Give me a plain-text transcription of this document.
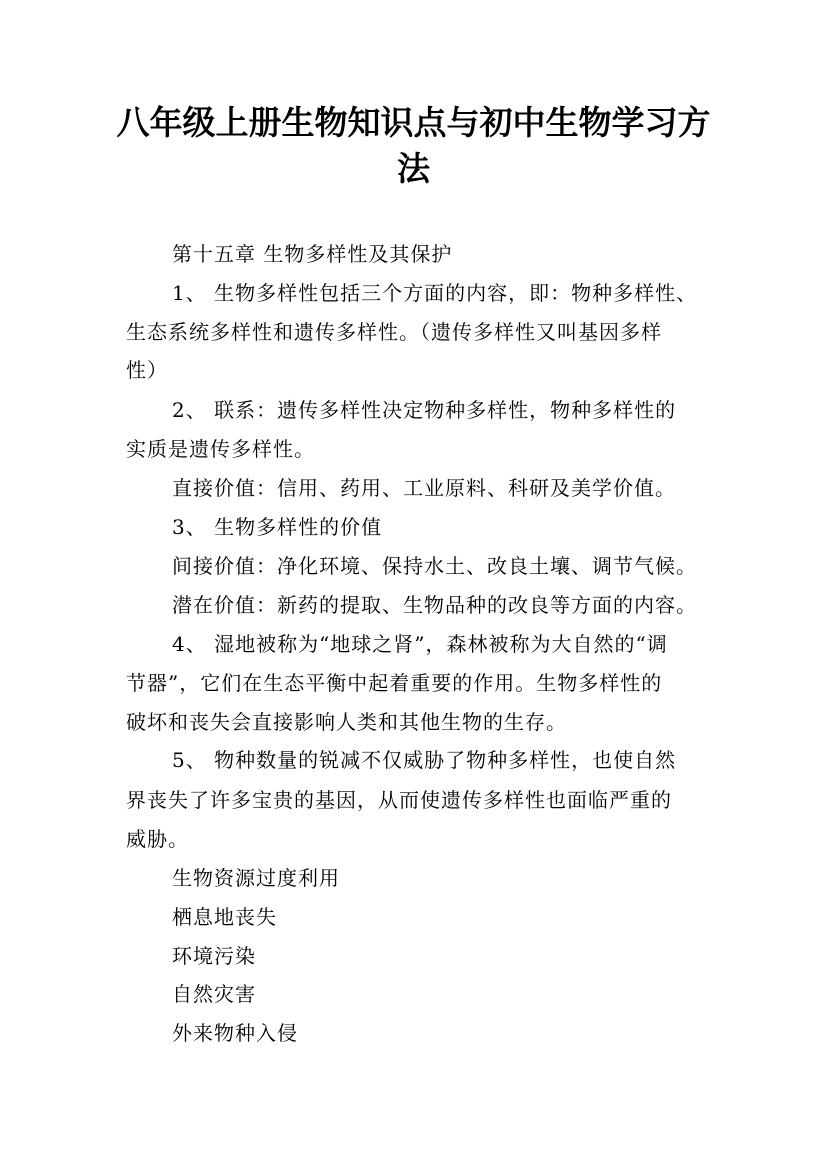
八年级上册生物知识点与初中生物学习方
法
第十五章 生物多样性及其保护
1、 生物多样性包括三个方面的内容，即：物种多样性、
生态系统多样性和遗传多样性。（遗传多样性又叫基因多样
性）
2、 联系：遗传多样性决定物种多样性，物种多样性的
实质是遗传多样性。
直接价值：信用、药用、工业原料、科研及美学价值。
3、 生物多样性的价值
间接价值：净化环境、保持水土、改良土壤、调节气候。
潜在价值：新药的提取、生物品种的改良等方面的内容。
4、 湿地被称为“地球之肾”，森林被称为大自然的“调
节器”，它们在生态平衡中起着重要的作用。生物多样性的
破坏和丧失会直接影响人类和其他生物的生存。
5、 物种数量的锐减不仅威胁了物种多样性，也使自然
界丧失了许多宝贵的基因，从而使遗传多样性也面临严重的
威胁。
生物资源过度利用
栖息地丧失
环境污染
自然灾害
外来物种入侵
